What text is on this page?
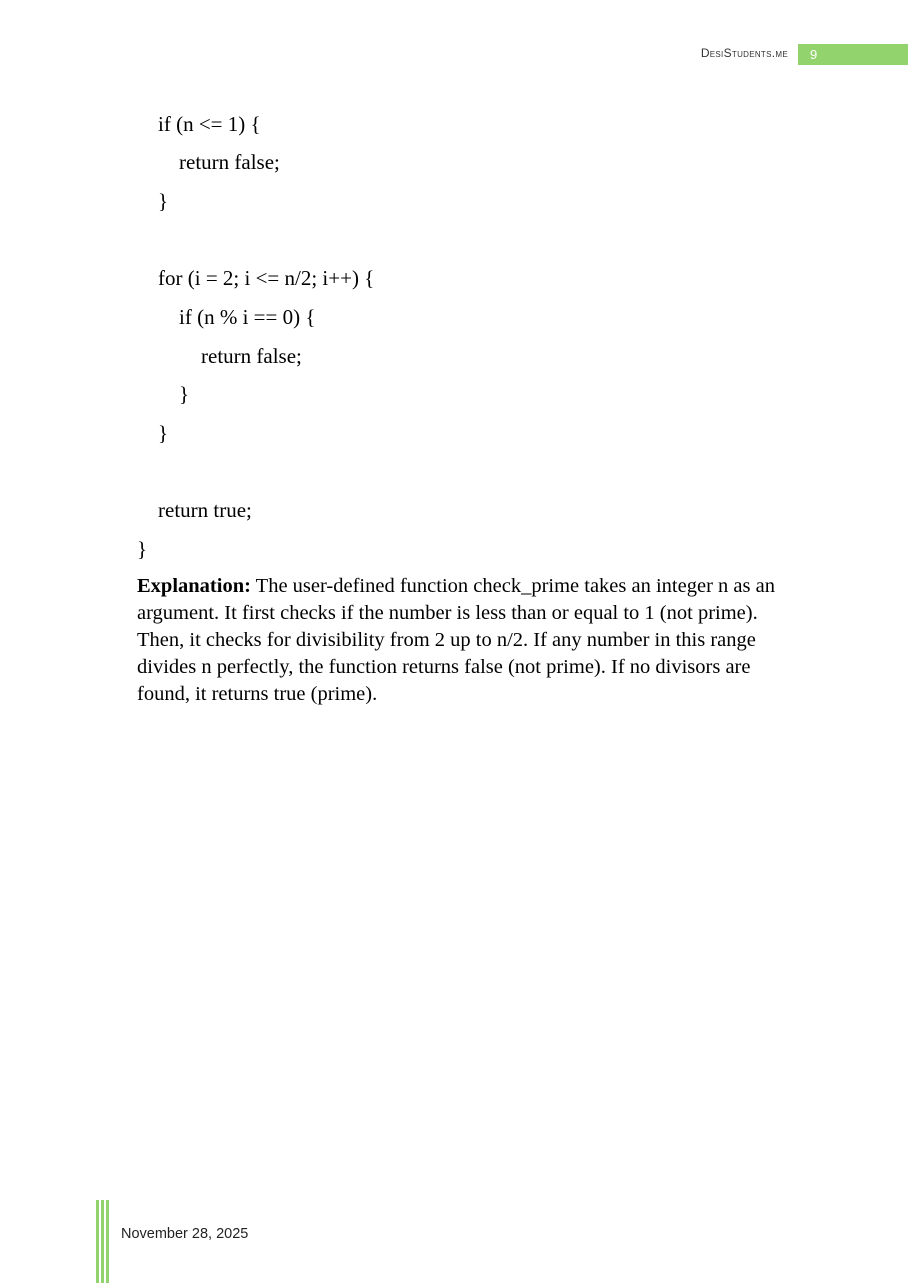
DesiStudents.me	9
if (n <= 1) {
return false;
}
for (i = 2; i <= n/2; i++) {
if (n % i == 0) {
return false;
}
}
return true;
}
Explanation: The user-defined function check_prime takes an integer n as an argument. It first checks if the number is less than or equal to 1 (not prime). Then, it checks for divisibility from 2 up to n/2. If any number in this range divides n perfectly, the function returns false (not prime). If no divisors are found, it returns true (prime).
November 28, 2025
